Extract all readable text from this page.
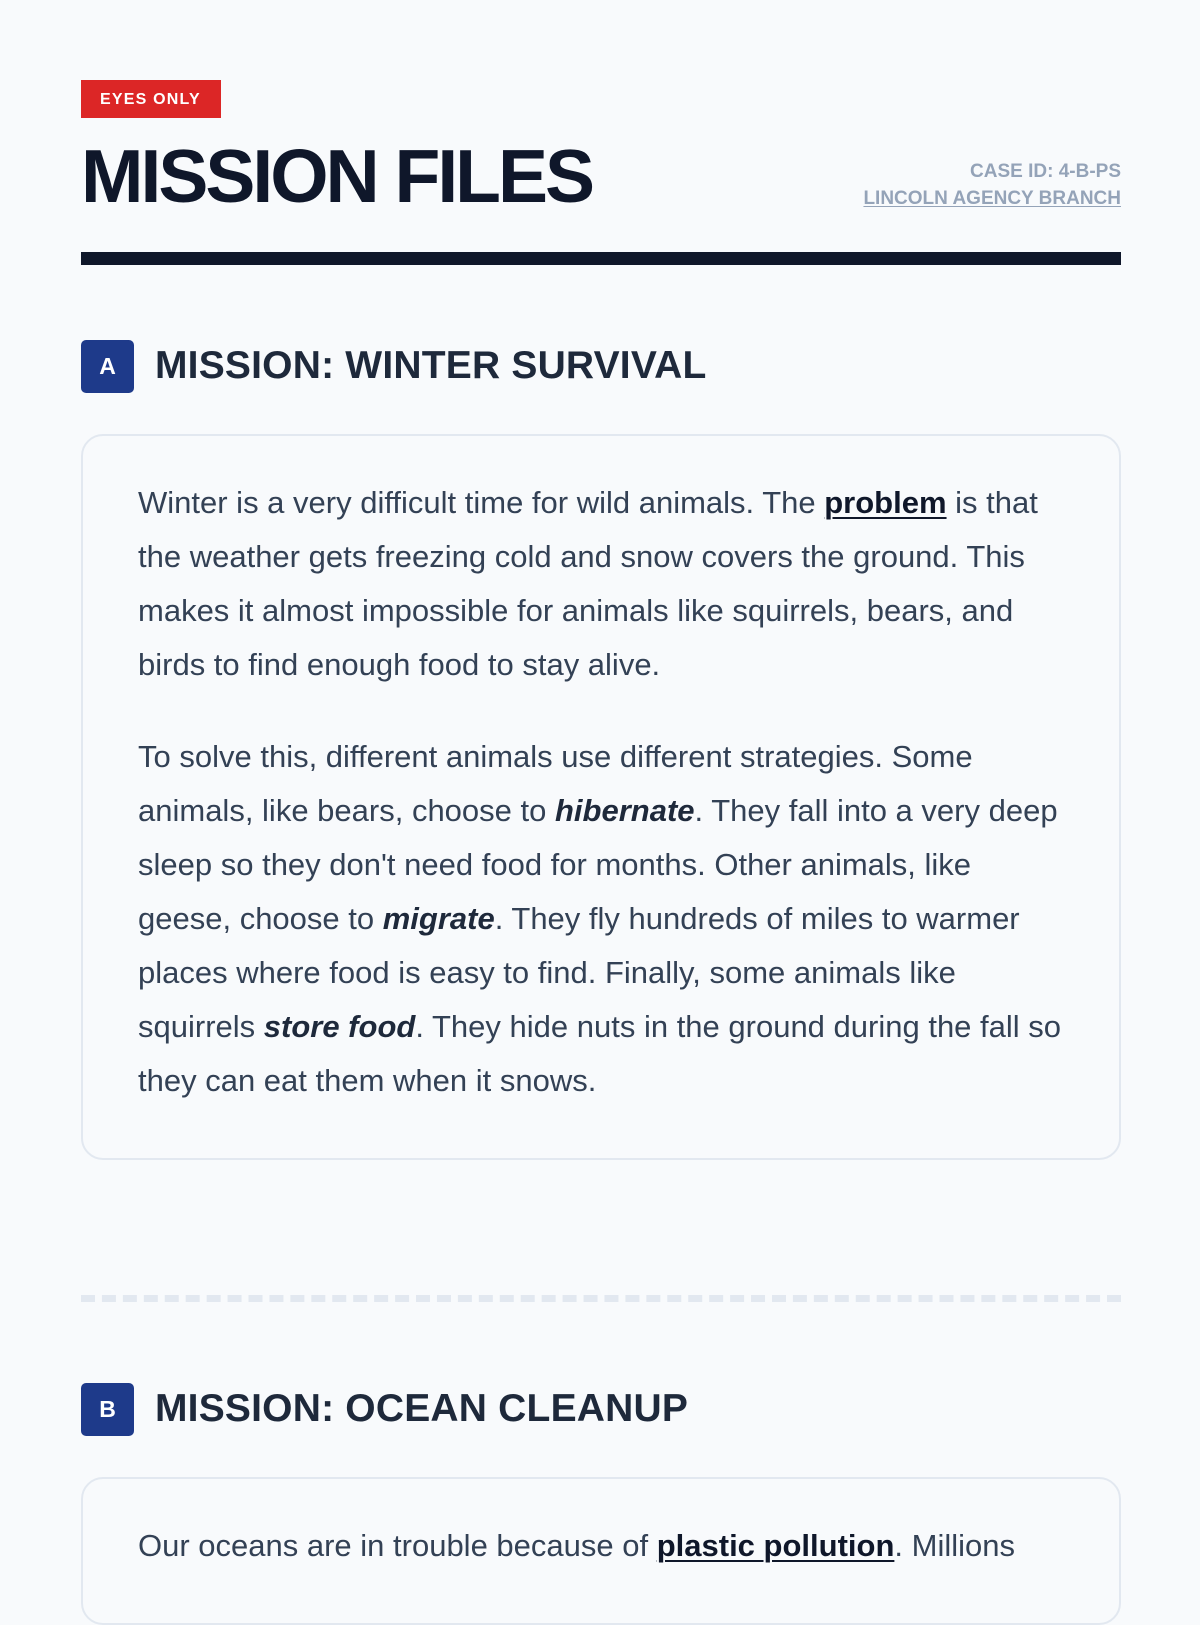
EYES ONLY
MISSION FILES	CASE ID: 4-B-PS
LINCOLN AGENCY BRANCH
A	MISSION: WINTER SURVIVAL

Winter is a very difficult time for wild animals. The problem is that the weather gets freezing cold and snow covers the ground. This makes it almost impossible for animals like squirrels, bears, and birds to find enough food to stay alive.

To solve this, different animals use different strategies. Some animals, like bears, choose to hibernate. They fall into a very deep sleep so they don't need food for months. Other animals, like geese, choose to migrate. They fly hundreds of miles to warmer places where food is easy to find. Finally, some animals like squirrels store food. They hide nuts in the ground during the fall so they can eat them when it snows.

B	MISSION: OCEAN CLEANUP

Our oceans are in trouble because of plastic pollution. Millions
